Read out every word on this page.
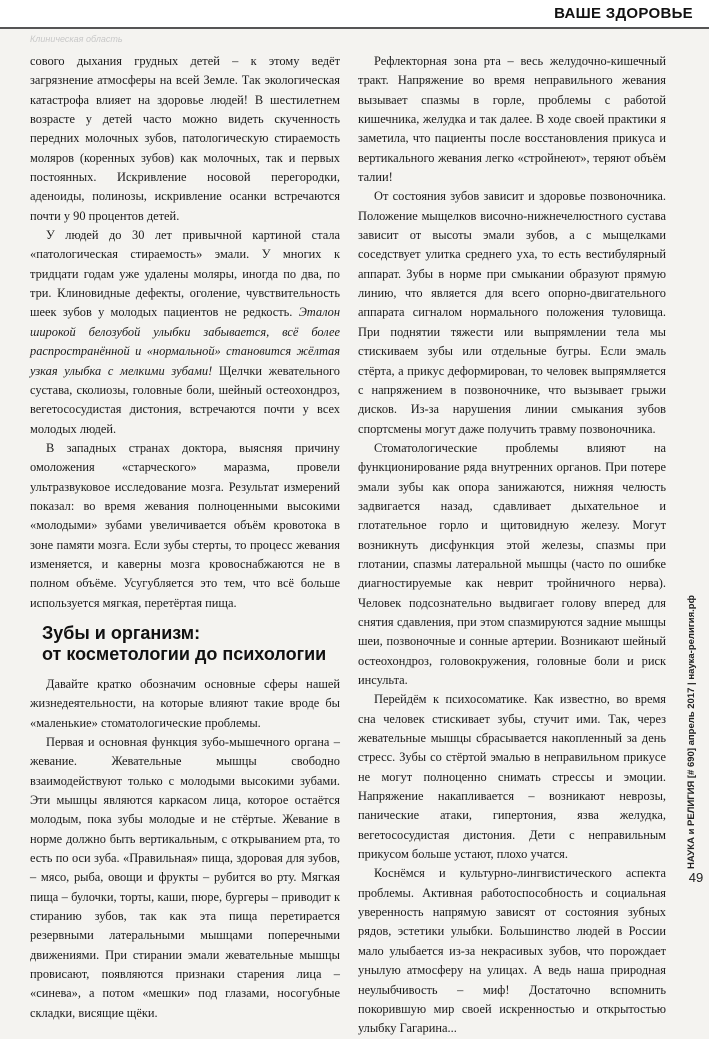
ВАШЕ ЗДОРОВЬЕ
Клиническая область

сового дыхания грудных детей – к этому ведёт загрязнение атмосферы на всей Земле. Так экологическая катастрофа влияет на здоровье людей! В шестилетнем возрасте у детей часто можно видеть скученность передних молочных зубов, патологическую стираемость моляров (коренных зубов) как молочных, так и первых постоянных. Искривление носовой перегородки, аденоиды, полинозы, искривление осанки встречаются почти у 90 процентов детей.

У людей до 30 лет привычной картиной стала «патологическая стираемость» эмали. У многих к тридцати годам уже удалены моляры, иногда по два, по три. Клиновидные дефекты, оголение, чувствительность шеек зубов у молодых пациентов не редкость. Эталон широкой белозубой улыбки забывается, всё более распространённой и «нормальной» становится жёлтая узкая улыбка с мелкими зубами! Щелчки жевательного сустава, сколиозы, головные боли, шейный остеохондроз, вегетососудистая дистония, встречаются почти у всех молодых людей.

В западных странах доктора, выясняя причину омоложения «старческого» маразма, провели ультразвуковое исследование мозга. Результат измерений показал: во время жевания полноценными высокими «молодыми» зубами увеличивается объём кровотока в зоне памяти мозга. Если зубы стерты, то процесс жевания изменяется, и каверны мозга кровоснабжаются не в полном объёме. Усугубляется это тем, что всё больше используется мягкая, перетёртая пища.

Зубы и организм:
от косметологии до психологии

Давайте кратко обозначим основные сферы нашей жизнедеятельности, на которые влияют такие вроде бы «маленькие» стоматологические проблемы.

Первая и основная функция зубо-мышечного органа – жевание. Жевательные мышцы свободно взаимодействуют только с молодыми высокими зубами. Эти мышцы являются каркасом лица, которое остаётся молодым, пока зубы молодые и не стёртые. Жевание в норме должно быть вертикальным, с открыванием рта, то есть по оси зуба. «Правильная» пища, здоровая для зубов, – мясо, рыба, овощи и фрукты – рубится во рту. Мягкая пища – булочки, торты, каши, пюре, бургеры – приводит к стиранию зубов, так как эта пища перетирается резервными латеральными мышцами поперечными движениями. При стирании эмали жевательные мышцы провисают, появляются признаки старения лица – «синева», а потом «мешки» под глазами, носогубные складки, висящие щёки.

Рефлекторная зона рта – весь желудочно-кишечный тракт. Напряжение во время неправильного жевания вызывает спазмы в горле, проблемы с работой кишечника, желудка и так далее. В ходе своей практики я заметила, что пациенты после восстановления прикуса и вертикального жевания легко «стройнеют», теряют объём талии!

От состояния зубов зависит и здоровье позвоночника. Положение мыщелков височно-нижнечелюстного сустава зависит от высоты эмали зубов, а с мыщелками соседствует улитка среднего уха, то есть вестибулярный аппарат. Зубы в норме при смыкании образуют прямую линию, что является для всего опорно-двигательного аппарата сигналом нормального положения туловища. При поднятии тяжести или выпрямлении тела мы стискиваем зубы или отдельные бугры. Если эмаль стёрта, а прикус деформирован, то человек выпрямляется с напряжением в позвоночнике, что вызывает грыжи дисков. Из-за нарушения линии смыкания зубов спортсмены могут даже получить травму позвоночника.

Стоматологические проблемы влияют на функционирование ряда внутренних органов. При потере эмали зубы как опора занижаются, нижняя челюсть задвигается назад, сдавливает дыхательное и глотательное горло и щитовидную железу. Могут возникнуть дисфункция этой железы, спазмы при глотании, спазмы латеральной мышцы (часто по ошибке диагностируемые как неврит тройничного нерва). Человек подсознательно выдвигает голову вперед для снятия сдавления, при этом спазмируются задние мышцы шеи, позвоночные и сонные артерии. Возникают шейный остеохондроз, головокружения, головные боли и риск инсульта.

Перейдём к психосоматике. Как известно, во время сна человек стискивает зубы, стучит ими. Так, через жевательные мышцы сбрасывается накопленный за день стресс. Зубы со стёртой эмалью в неправильном прикусе не могут полноценно снимать стрессы и эмоции. Напряжение накапливается – возникают неврозы, панические атаки, гипертония, язва желудка, вегетососудистая дистония. Дети с неправильным прикусом больше устают, плохо учатся.

Коснёмся и культурно-лингвистического аспекта проблемы. Активная работоспособность и социальная уверенность напрямую зависят от состояния зубных рядов, эстетики улыбки. Большинство людей в России мало улыбается из-за некрасивых зубов, что порождает унылую атмосферу на улицах. А ведь наша природная неулыбчивость – миф! Достаточно вспомнить покорившую мир своей искренностью и открытостью улыбку Гагарина...

НАУКА и РЕЛИГИЯ [# 690] апрель 2017 | наука-религия.рф
49
